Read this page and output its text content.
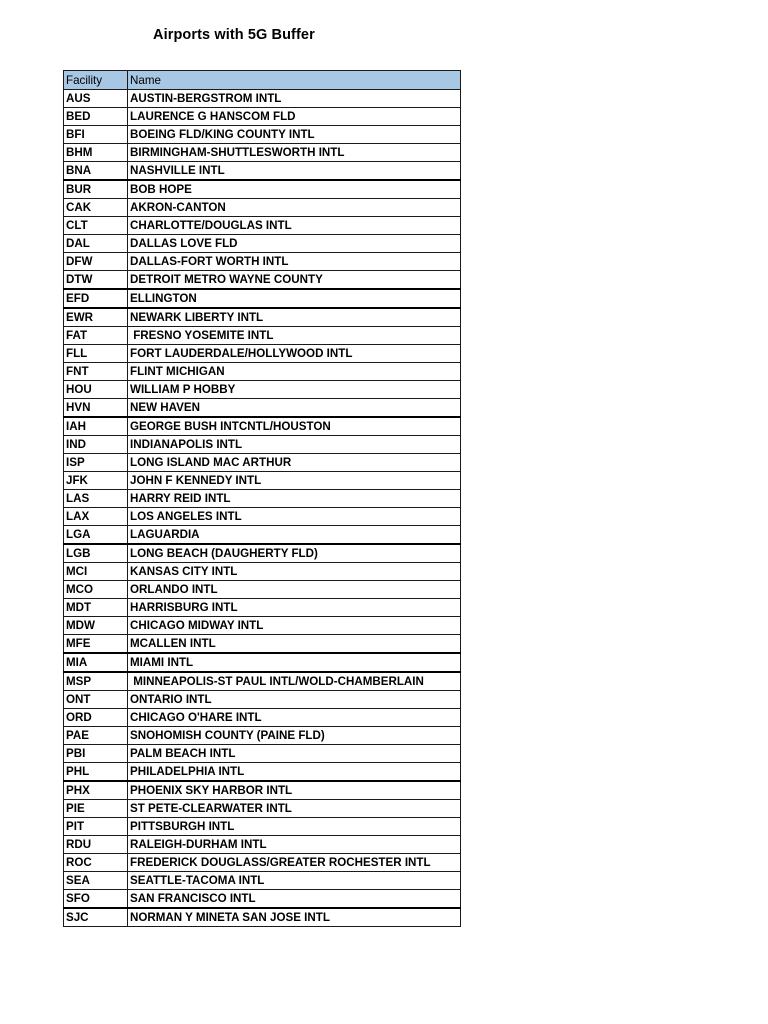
Airports with 5G Buffer
Facility	Name
AUS	AUSTIN-BERGSTROM INTL
BED	LAURENCE G HANSCOM FLD
BFI	BOEING FLD/KING COUNTY INTL
BHM	BIRMINGHAM-SHUTTLESWORTH INTL
BNA	NASHVILLE INTL
BUR	BOB HOPE
CAK	AKRON-CANTON
CLT	CHARLOTTE/DOUGLAS INTL
DAL	DALLAS LOVE FLD
DFW	DALLAS-FORT WORTH INTL
DTW	DETROIT METRO WAYNE COUNTY
EFD	ELLINGTON
EWR	NEWARK LIBERTY INTL
FAT	FRESNO YOSEMITE INTL
FLL	FORT LAUDERDALE/HOLLYWOOD INTL
FNT	FLINT MICHIGAN
HOU	WILLIAM P HOBBY
HVN	NEW HAVEN
IAH	GEORGE BUSH INTCNTL/HOUSTON
IND	INDIANAPOLIS INTL
ISP	LONG ISLAND MAC ARTHUR
JFK	JOHN F KENNEDY INTL
LAS	HARRY REID INTL
LAX	LOS ANGELES INTL
LGA	LAGUARDIA
LGB	LONG BEACH (DAUGHERTY FLD)
MCI	KANSAS CITY INTL
MCO	ORLANDO INTL
MDT	HARRISBURG INTL
MDW	CHICAGO MIDWAY INTL
MFE	MCALLEN INTL
MIA	MIAMI INTL
MSP	MINNEAPOLIS-ST PAUL INTL/WOLD-CHAMBERLAIN
ONT	ONTARIO INTL
ORD	CHICAGO O'HARE INTL
PAE	SNOHOMISH COUNTY (PAINE FLD)
PBI	PALM BEACH INTL
PHL	PHILADELPHIA INTL
PHX	PHOENIX SKY HARBOR INTL
PIE	ST PETE-CLEARWATER INTL
PIT	PITTSBURGH INTL
RDU	RALEIGH-DURHAM INTL
ROC	FREDERICK DOUGLASS/GREATER ROCHESTER INTL
SEA	SEATTLE-TACOMA INTL
SFO	SAN FRANCISCO INTL
SJC	NORMAN Y MINETA SAN JOSE INTL
